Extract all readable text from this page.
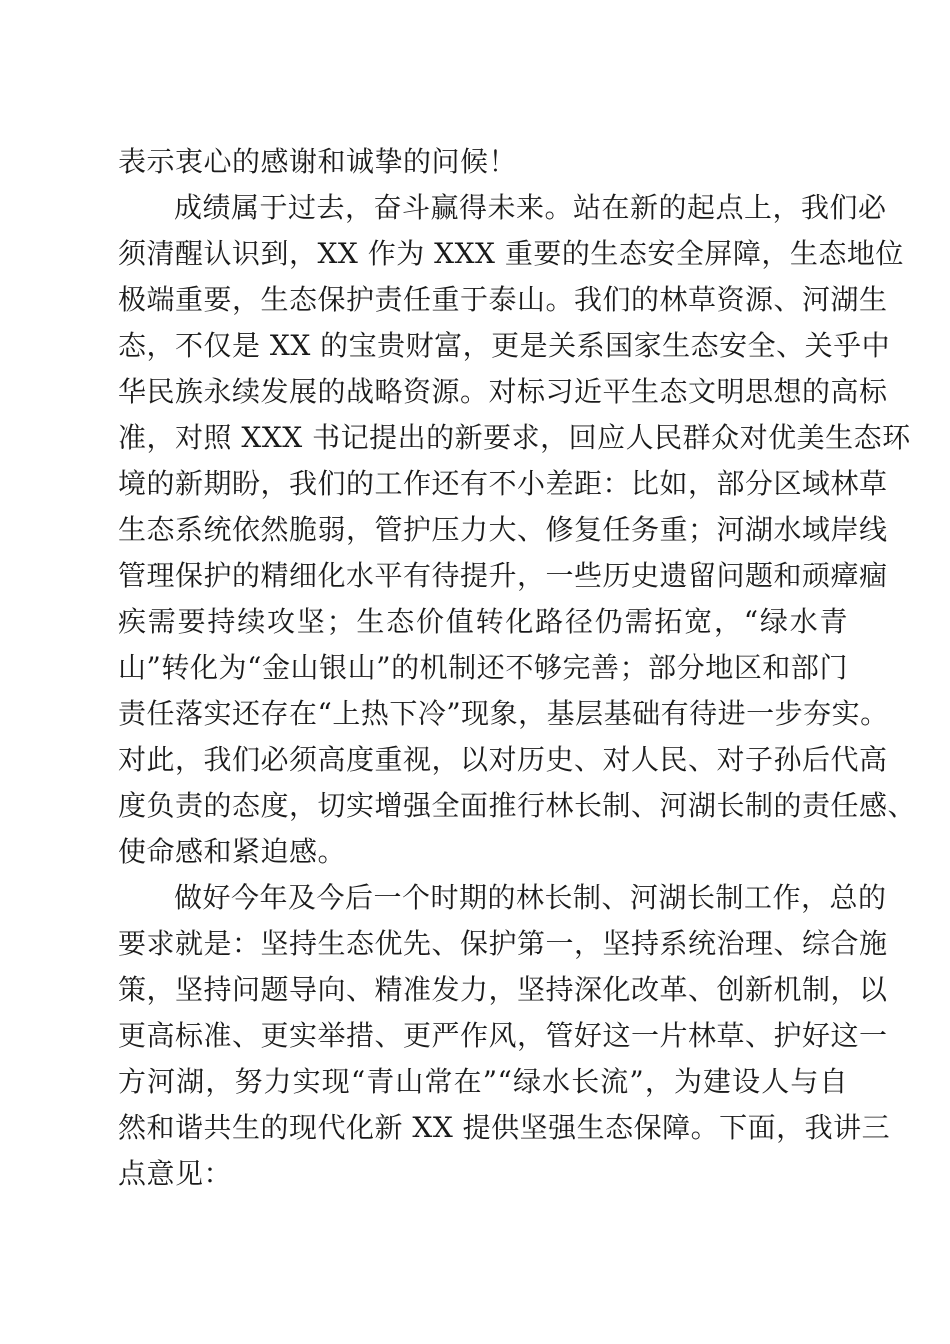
表示衷心的感谢和诚挚的问候！
成绩属于过去，奋斗赢得未来。站在新的起点上，我们必
须清醒认识到，XX 作为 XXX 重要的生态安全屏障，生态地位
极端重要，生态保护责任重于泰山。我们的林草资源、河湖生
态，不仅是 XX 的宝贵财富，更是关系国家生态安全、关乎中
华民族永续发展的战略资源。对标习近平生态文明思想的高标
准，对照 XXX 书记提出的新要求，回应人民群众对优美生态环
境的新期盼，我们的工作还有不小差距：比如，部分区域林草
生态系统依然脆弱，管护压力大、修复任务重；河湖水域岸线
管理保护的精细化水平有待提升，一些历史遗留问题和顽瘴痼
疾需要持续攻坚；生态价值转化路径仍需拓宽，“绿水青
山”转化为“金山银山”的机制还不够完善；部分地区和部门
责任落实还存在“上热下冷”现象，基层基础有待进一步夯实。
对此，我们必须高度重视，以对历史、对人民、对子孙后代高
度负责的态度，切实增强全面推行林长制、河湖长制的责任感、
使命感和紧迫感。
做好今年及今后一个时期的林长制、河湖长制工作，总的
要求就是：坚持生态优先、保护第一，坚持系统治理、综合施
策，坚持问题导向、精准发力，坚持深化改革、创新机制，以
更高标准、更实举措、更严作风，管好这一片林草、护好这一
方河湖，努力实现“青山常在”“绿水长流”，为建设人与自
然和谐共生的现代化新 XX 提供坚强生态保障。下面，我讲三
点意见：
